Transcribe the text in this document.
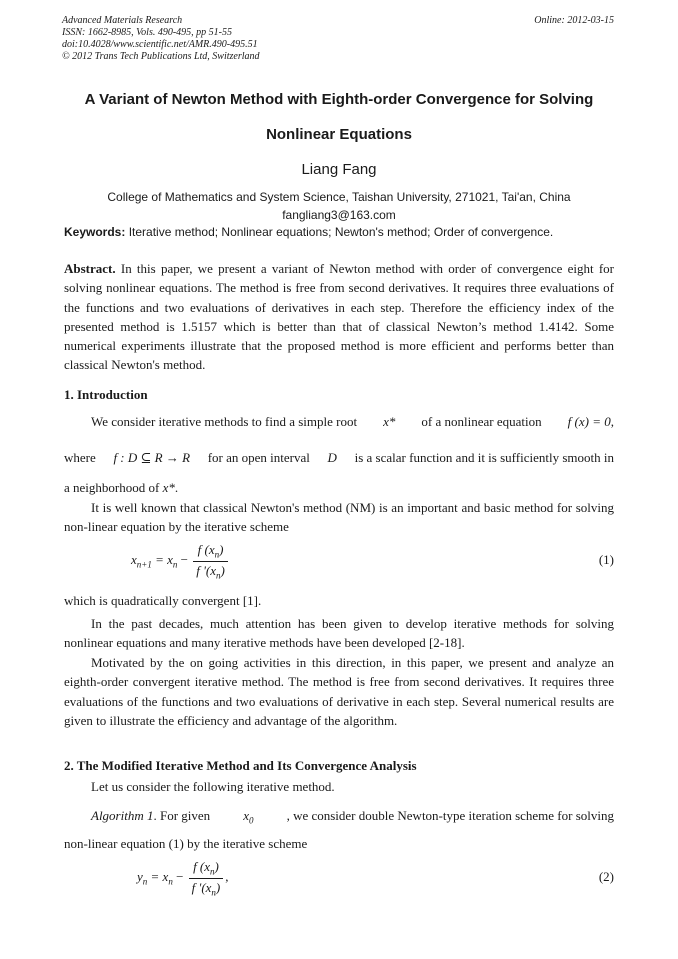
Advanced Materials Research
ISSN: 1662-8985, Vols. 490-495, pp 51-55
doi:10.4028/www.scientific.net/AMR.490-495.51
© 2012 Trans Tech Publications Ltd, Switzerland
Online: 2012-03-15
A Variant of Newton Method with Eighth-order Convergence for Solving
Nonlinear Equations
Liang Fang
College of Mathematics and System Science, Taishan University, 271021, Tai'an, China
fangliang3@163.com
Keywords: Iterative method; Nonlinear equations; Newton's method; Order of convergence.
Abstract. In this paper, we present a variant of Newton method with order of convergence eight for solving nonlinear equations. The method is free from second derivatives. It requires three evaluations of the functions and two evaluations of derivatives in each step. Therefore the efficiency index of the presented method is 1.5157 which is better than that of classical Newton’s method 1.4142. Some numerical experiments illustrate that the proposed method is more efficient and performs better than classical Newton's method.
1. Introduction
We consider iterative methods to find a simple root x* of a nonlinear equation f (x) = 0,
where f : D ⊆ R → R for an open interval D is a scalar function and it is sufficiently smooth in
a neighborhood of x*.
It is well known that classical Newton's method (NM) is an important and basic method for solving non-linear equation by the iterative scheme
$x_{n+1} = x_n - \frac{f (x_n)}{f '(x_n)}$	(1)
which is quadratically convergent [1].
In the past decades, much attention has been given to develop iterative methods for solving nonlinear equations and many iterative methods have been developed [2-18].
Motivated by the on going activities in this direction, in this paper, we present and analyze an eighth-order convergent iterative method. The method is free from second derivatives. It requires three evaluations of the functions and two evaluations of derivative in each step. Several numerical results are given to illustrate the efficiency and advantage of the algorithm.
2. The Modified Iterative Method and Its Convergence Analysis
Let us consider the following iterative method.
Algorithm 1. For given	$x_0$	, we consider double Newton-type iteration scheme for solving
non-linear equation (1) by the iterative scheme
$y_n = x_n - \frac{f (x_n)}{f '(x_n)}$ ,	(2)
